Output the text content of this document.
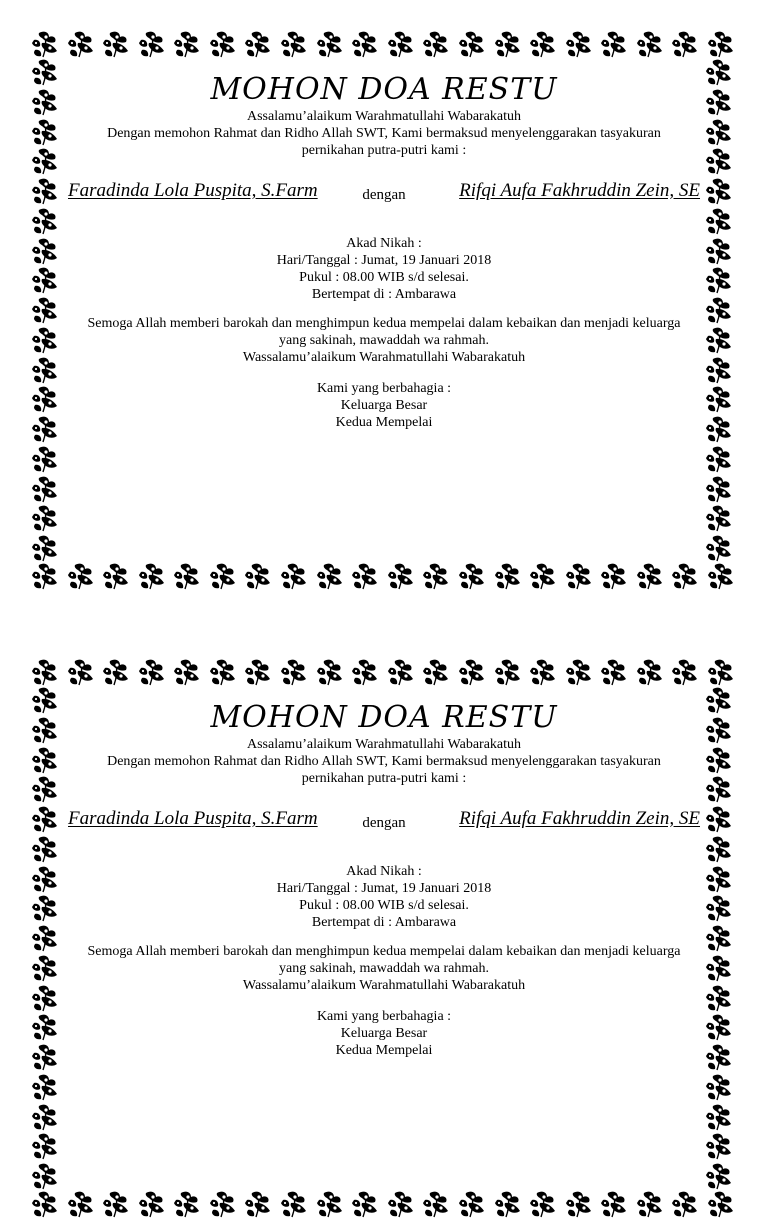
MOHON DOA RESTU
Assalamu’alaikum Warahmatullahi Wabarakatuh
Dengan memohon Rahmat dan Ridho Allah SWT, Kami bermaksud menyelenggarakan tasyakuran
pernikahan putra-putri kami :
Faradinda Lola Puspita, S.Farm	dengan	Rifqi Aufa Fakhruddin Zein, SE
Akad Nikah :
Hari/Tanggal : Jumat, 19 Januari 2018
Pukul : 08.00 WIB s/d selesai.
Bertempat di : Ambarawa
Semoga Allah memberi barokah dan menghimpun kedua mempelai dalam kebaikan dan menjadi keluarga
yang sakinah, mawaddah wa rahmah.
Wassalamu’alaikum Warahmatullahi Wabarakatuh
Kami yang berbahagia :
Keluarga Besar
Kedua Mempelai
MOHON DOA RESTU
Assalamu’alaikum Warahmatullahi Wabarakatuh
Dengan memohon Rahmat dan Ridho Allah SWT, Kami bermaksud menyelenggarakan tasyakuran
pernikahan putra-putri kami :
Faradinda Lola Puspita, S.Farm	dengan	Rifqi Aufa Fakhruddin Zein, SE
Akad Nikah :
Hari/Tanggal : Jumat, 19 Januari 2018
Pukul : 08.00 WIB s/d selesai.
Bertempat di : Ambarawa
Semoga Allah memberi barokah dan menghimpun kedua mempelai dalam kebaikan dan menjadi keluarga
yang sakinah, mawaddah wa rahmah.
Wassalamu’alaikum Warahmatullahi Wabarakatuh
Kami yang berbahagia :
Keluarga Besar
Kedua Mempelai
